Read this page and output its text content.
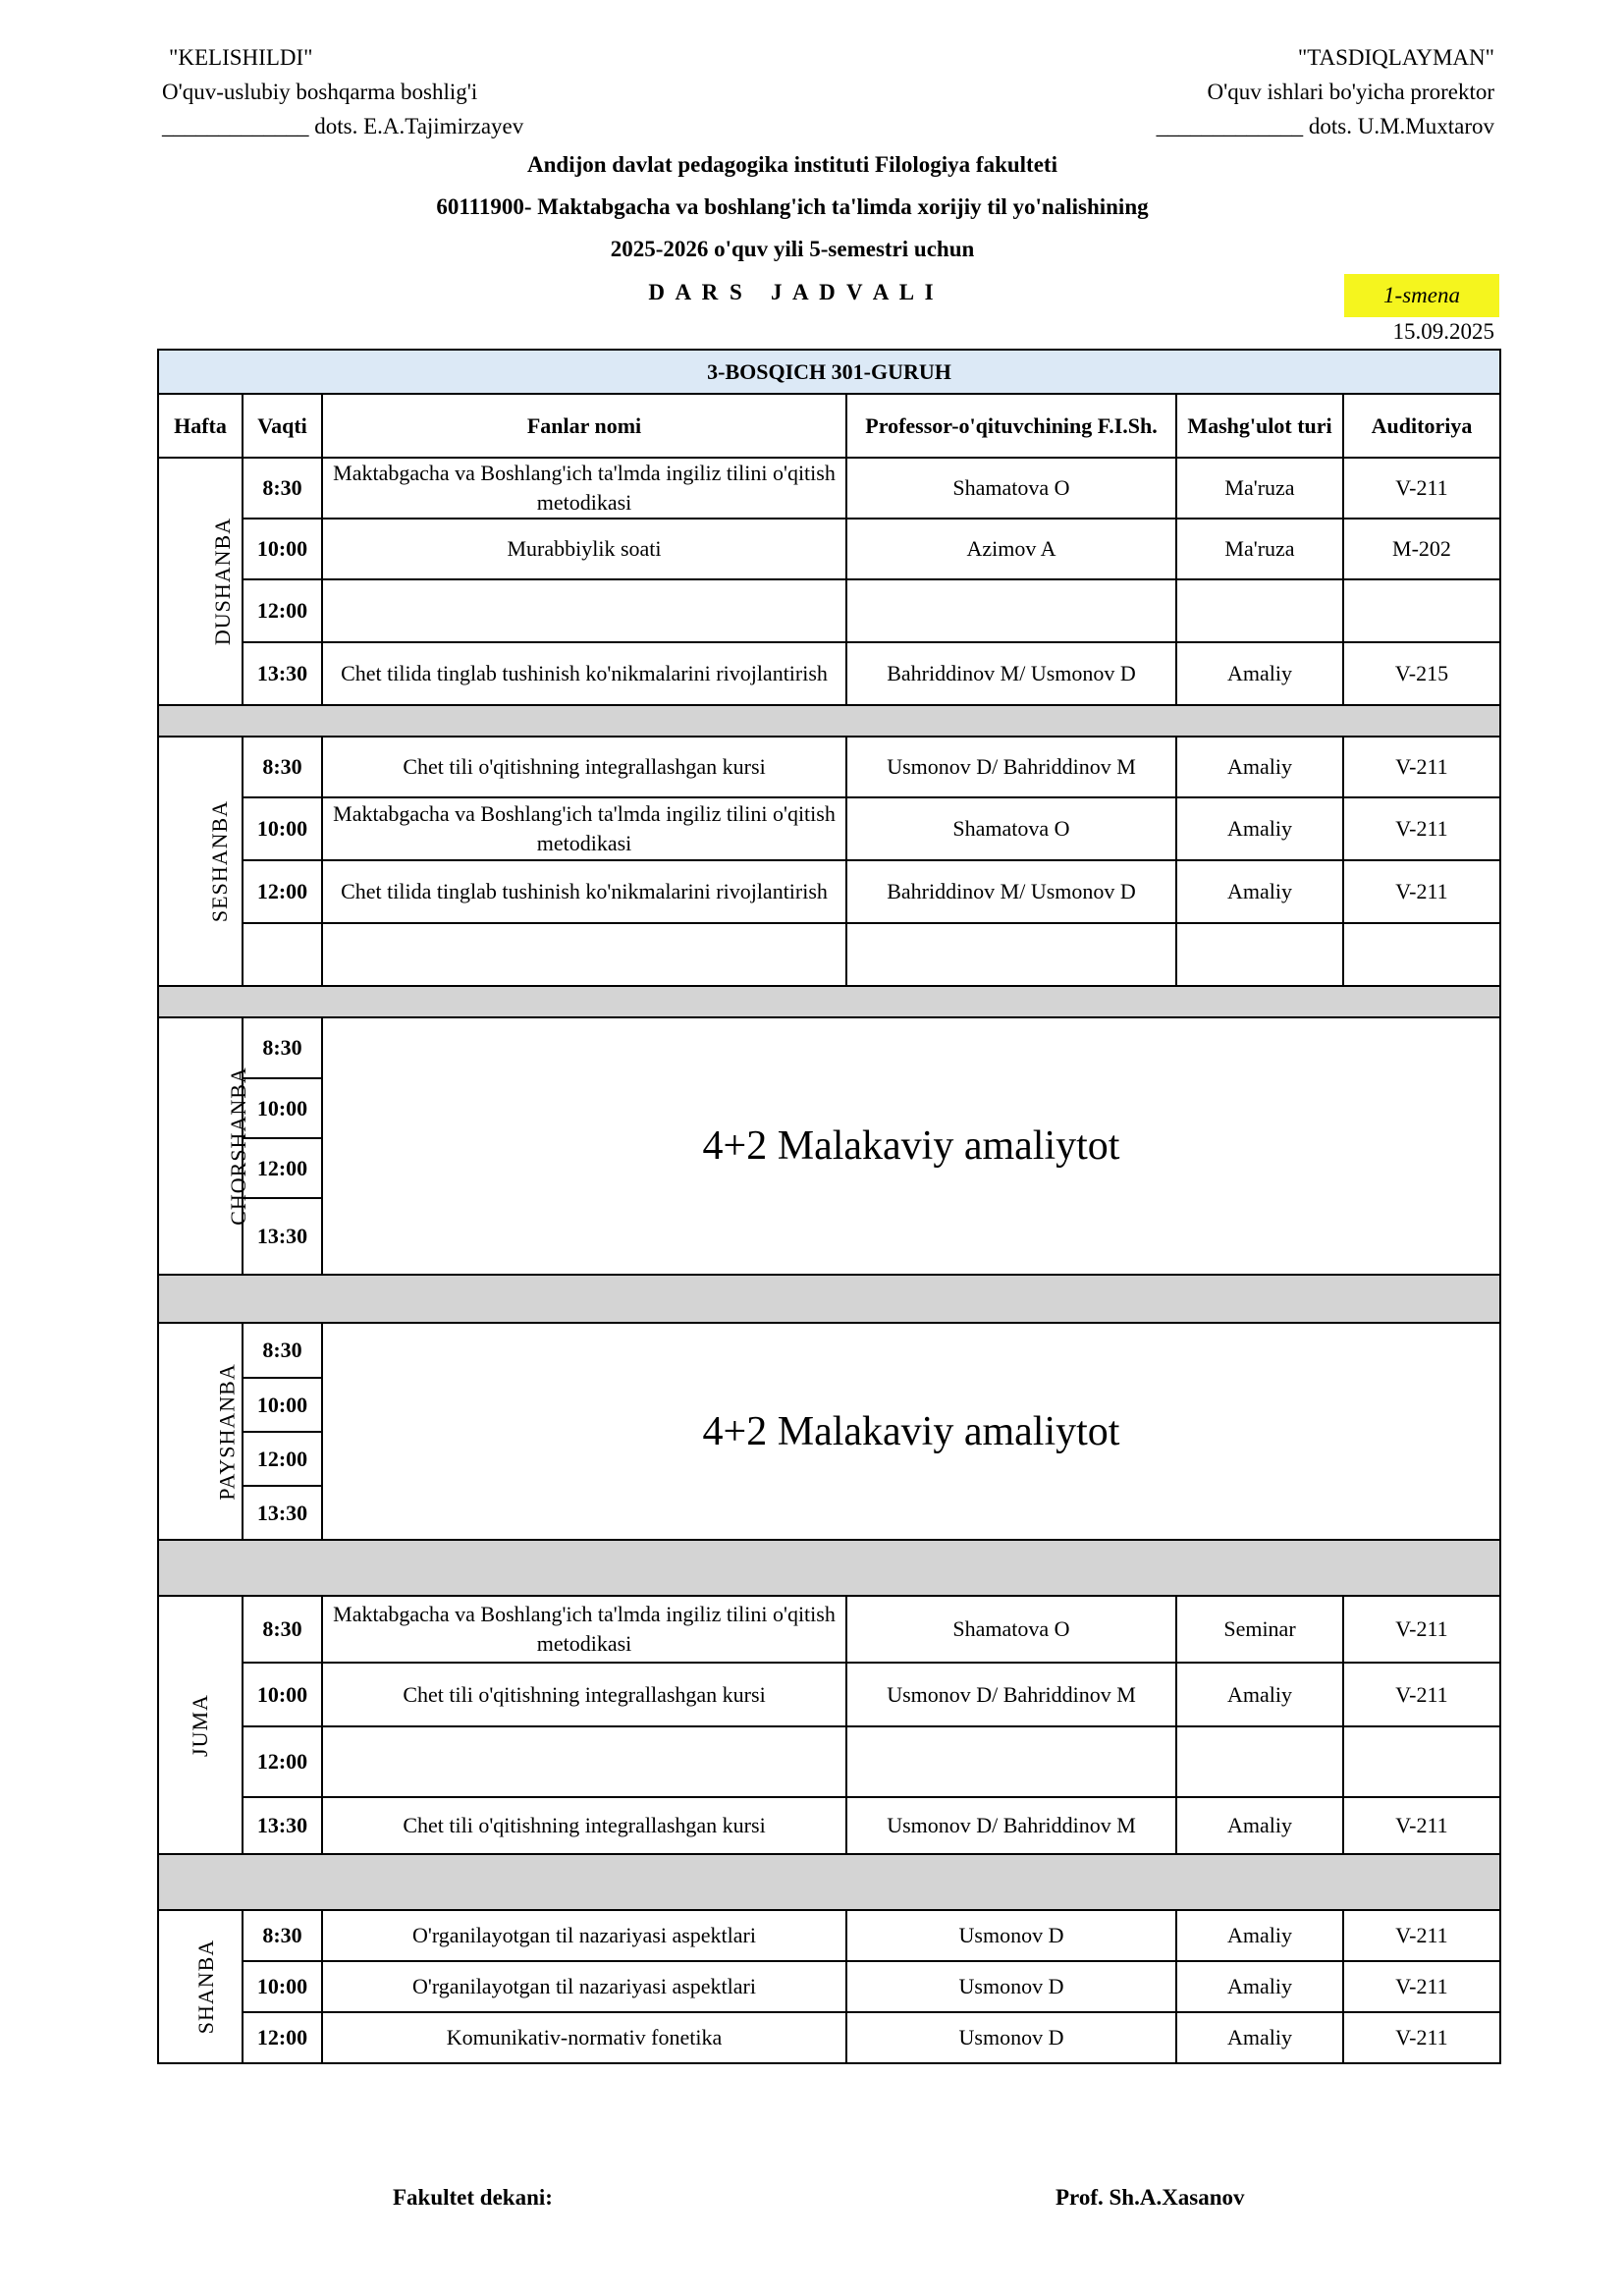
"KELISHILDI"
O'quv-uslubiy boshqarma boshlig'i
_____________ dots. E.A.Tajimirzayev
"TASDIQLAYMAN"
O'quv ishlari bo'yicha prorektor
_____________ dots. U.M.Muxtarov
Andijon davlat pedagogika instituti Filologiya fakulteti
60111900- Maktabgacha va boshlang'ich ta'limda xorijiy til yo'nalishining
2025-2026 o'quv yili 5-semestri uchun
D A R S   J A D V A L I	1-smena
15.09.2025
3-BOSQICH 301-GURUH					
Hafta	Vaqti	Fanlar nomi	Professor-o'qituvchining F.I.Sh.	Mashg'ulot turi	Auditoriya
DUSHANBA	8:30	Maktabgacha va Boshlang'ich ta'lmda ingiliz tilini o'qitish metodikasi	Shamatova O	Ma'ruza	V-211
	10:00	Murabbiylik soati	Azimov A	Ma'ruza	M-202
	12:00				
	13:30	Chet tilida tinglab tushinish ko'nikmalarini rivojlantirish	Bahriddinov M/ Usmonov D	Amaliy	V-215

SESHANBA	8:30	Chet tili o'qitishning integrallashgan kursi	Usmonov D/ Bahriddinov M	Amaliy	V-211
	10:00	Maktabgacha va Boshlang'ich ta'lmda ingiliz tilini o'qitish metodikasi	Shamatova O	Amaliy	V-211
	12:00	Chet tilida tinglab tushinish ko'nikmalarini rivojlantirish	Bahriddinov M/ Usmonov D	Amaliy	V-211

CHORSHANBA	8:30	4+2 Malakaviy amaliytot			
	10:00				
	12:00				
	13:30				

PAYSHANBA	8:30	4+2 Malakaviy amaliytot			
	10:00				
	12:00				
	13:30				

JUMA	8:30	Maktabgacha va Boshlang'ich ta'lmda ingiliz tilini o'qitish metodikasi	Shamatova O	Seminar	V-211
	10:00	Chet tili o'qitishning integrallashgan kursi	Usmonov D/ Bahriddinov M	Amaliy	V-211
	12:00				
	13:30	Chet tili o'qitishning integrallashgan kursi	Usmonov D/ Bahriddinov M	Amaliy	V-211

SHANBA	8:30	O'rganilayotgan til nazariyasi aspektlari	Usmonov D	Amaliy	V-211
	10:00	O'rganilayotgan til nazariyasi aspektlari	Usmonov D	Amaliy	V-211
	12:00	Komunikativ-normativ fonetika	Usmonov D	Amaliy	V-211
Fakultet dekani:	Prof. Sh.A.Xasanov
